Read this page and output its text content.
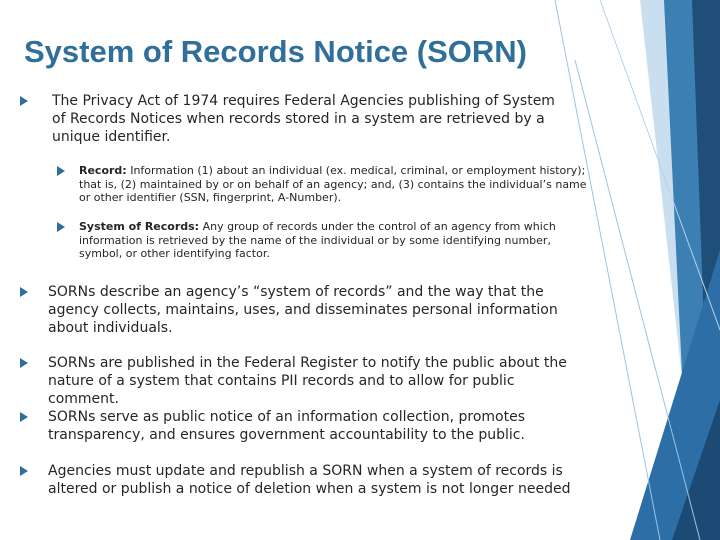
System of Records Notice (SORN)
The Privacy Act of 1974 requires Federal Agencies publishing of System of Records Notices when records stored in a system are retrieved by a unique identifier.
Record: Information (1) about an individual (ex. medical, criminal, or employment history); that is, (2) maintained by or on behalf of an agency; and, (3) contains the individual’s name or other identifier (SSN, fingerprint, A-Number).
System of Records: Any group of records under the control of an agency from which information is retrieved by the name of the individual or by some identifying number, symbol, or other identifying factor.
SORNs describe an agency’s “system of records” and the way that the agency collects, maintains, uses, and disseminates personal information about individuals.
SORNs are published in the Federal Register to notify the public about the nature of a system that contains PII records and to allow for public comment.
SORNs serve as public notice of an information collection, promotes transparency, and ensures government accountability to the public.
Agencies must update and republish a SORN when a system of records is altered or publish a notice of deletion when a system is not longer needed
